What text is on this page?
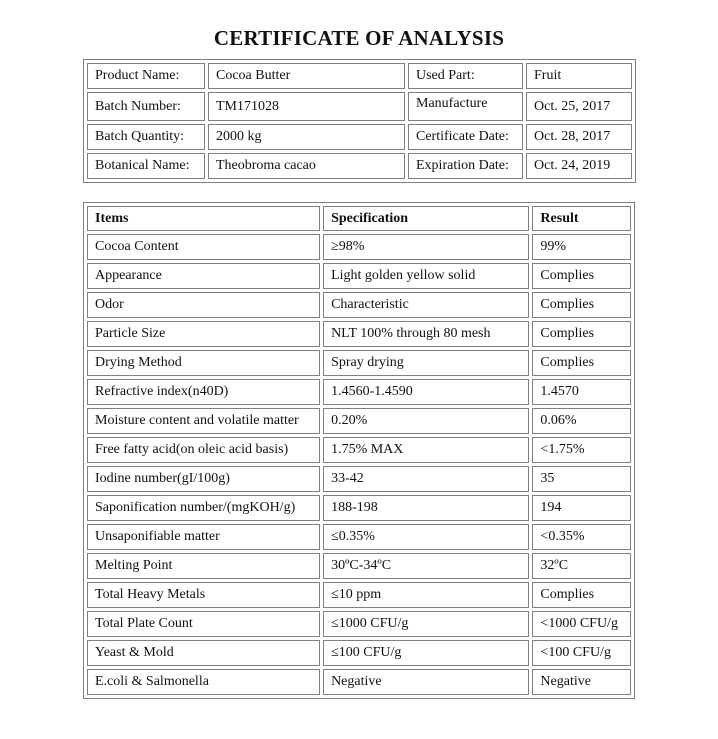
CERTIFICATE OF ANALYSIS
Product Name:	Cocoa Butter	Used Part:	Fruit
Batch Number:	TM171028	Manufacture	Oct. 25, 2017
Batch Quantity:	2000 kg	Certificate Date:	Oct. 28, 2017
Botanical Name:	Theobroma cacao	Expiration Date:	Oct. 24, 2019
Items	Specification	Result
Cocoa Content	≥98%	99%
Appearance	Light golden yellow solid	Complies
Odor	Characteristic	Complies
Particle Size	NLT 100% through 80 mesh	Complies
Drying Method	Spray drying	Complies
Refractive index(n40D)	1.4560-1.4590	1.4570
Moisture content and volatile matter	0.20%	0.06%
Free fatty acid(on oleic acid basis)	1.75% MAX	<1.75%
Iodine number(gI/100g)	33-42	35
Saponification number/(mgKOH/g)	188-198	194
Unsaponifiable matter	≤0.35%	<0.35%
Melting Point	30ºC-34ºC	32ºC
Total Heavy Metals	≤10 ppm	Complies
Total Plate Count	≤1000 CFU/g	<1000 CFU/g
Yeast & Mold	≤100 CFU/g	<100 CFU/g
E.coli & Salmonella	Negative	Negative
